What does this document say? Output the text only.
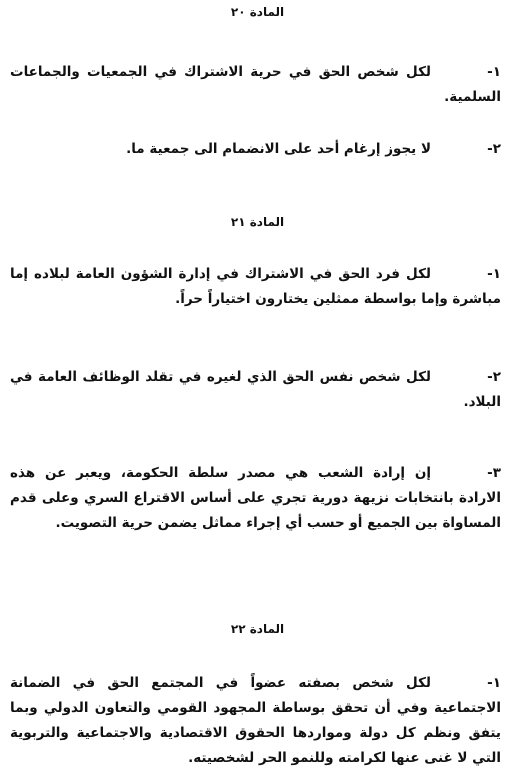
المادة ٢٠
١-لكل شخص الحق في حرية الاشتراك في الجمعيات والجماعات السلمية.
٢-لا يجوز إرغام أحد على الانضمام الى جمعية ما.
المادة ٢١
١-لكل فرد الحق في الاشتراك في إدارة الشؤون العامة لبلاده إما مباشرة وإما بواسطة ممثلين يختارون اختياراً حراً.
٢-لكل شخص نفس الحق الذي لغيره في تقلد الوظائف العامة في البلاد.
٣-إن إرادة الشعب هي مصدر سلطة الحكومة، ويعبر عن هذه الارادة بانتخابات نزيهة دورية تجري على أساس الاقتراع السري وعلى قدم المساواة بين الجميع أو حسب أي إجراء مماثل يضمن حرية التصويت.
المادة ٢٢
١-لكل شخص بصفته عضواً في المجتمع الحق في الضمانة الاجتماعية وفي أن تحقق بوساطة المجهود القومي والتعاون الدولي وبما يتفق ونظم كل دولة ومواردها الحقوق الاقتصادية والاجتماعية والتربوية التي لا غنى عنها لكرامته وللنمو الحر لشخصيته.
